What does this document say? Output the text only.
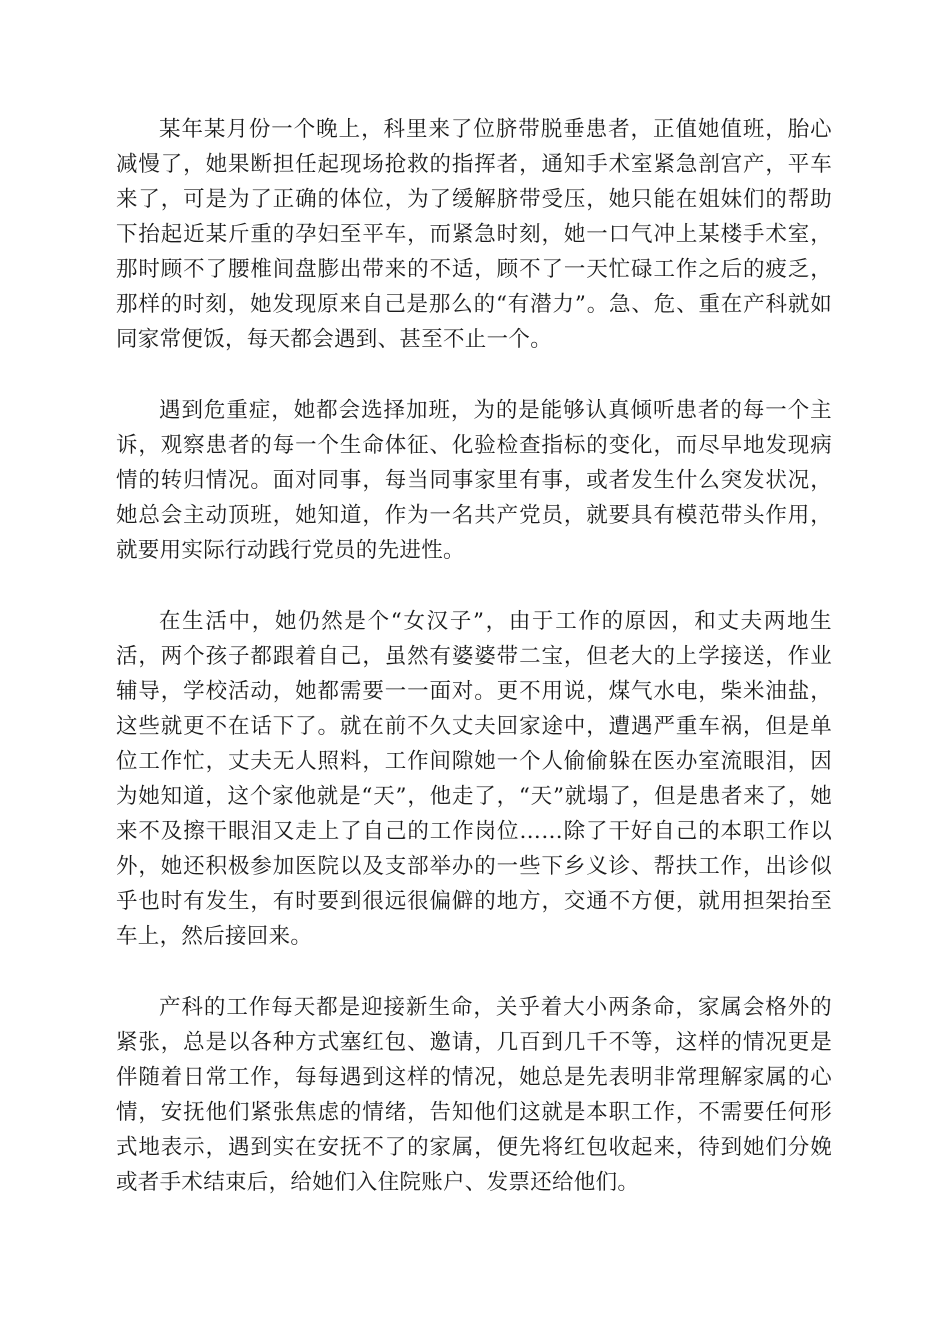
某年某月份一个晚上，科里来了位脐带脱垂患者，正值她值班，胎心减慢了，她果断担任起现场抢救的指挥者，通知手术室紧急剖宫产，平车来了，可是为了正确的体位，为了缓解脐带受压，她只能在姐妹们的帮助下抬起近某斤重的孕妇至平车，而紧急时刻，她一口气冲上某楼手术室，那时顾不了腰椎间盘膨出带来的不适，顾不了一天忙碌工作之后的疲乏，那样的时刻，她发现原来自己是那么的“有潜力”。急、危、重在产科就如同家常便饭，每天都会遇到、甚至不止一个。

遇到危重症，她都会选择加班，为的是能够认真倾听患者的每一个主诉，观察患者的每一个生命体征、化验检查指标的变化，而尽早地发现病情的转归情况。面对同事，每当同事家里有事，或者发生什么突发状况，她总会主动顶班，她知道，作为一名共产党员，就要具有模范带头作用，就要用实际行动践行党员的先进性。

在生活中，她仍然是个“女汉子”，由于工作的原因，和丈夫两地生活，两个孩子都跟着自己，虽然有婆婆带二宝，但老大的上学接送，作业辅导，学校活动，她都需要一一面对。更不用说，煤气水电，柴米油盐，这些就更不在话下了。就在前不久丈夫回家途中，遭遇严重车祸，但是单位工作忙，丈夫无人照料，工作间隙她一个人偷偷躲在医办室流眼泪，因为她知道，这个家他就是“天”，他走了，“天”就塌了，但是患者来了，她来不及擦干眼泪又走上了自己的工作岗位……除了干好自己的本职工作以外，她还积极参加医院以及支部举办的一些下乡义诊、帮扶工作，出诊似乎也时有发生，有时要到很远很偏僻的地方，交通不方便，就用担架抬至车上，然后接回来。

产科的工作每天都是迎接新生命，关乎着大小两条命，家属会格外的紧张，总是以各种方式塞红包、邀请，几百到几千不等，这样的情况更是伴随着日常工作，每每遇到这样的情况，她总是先表明非常理解家属的心情，安抚他们紧张焦虑的情绪，告知他们这就是本职工作，不需要任何形式地表示，遇到实在安抚不了的家属，便先将红包收起来，待到她们分娩或者手术结束后，给她们入住院账户、发票还给他们。
